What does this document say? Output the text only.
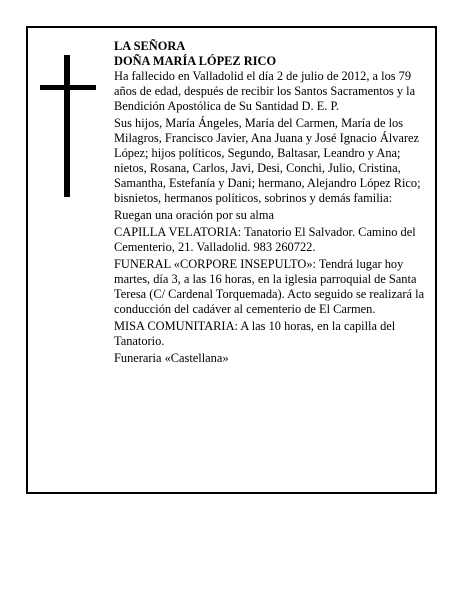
LA SEÑORA

DOÑA MARÍA LÓPEZ RICO

Ha fallecido en Valladolid el día 2 de julio de 2012, a los 79 años de edad, después de recibir los Santos Sacramentos y la Bendición Apostólica de Su Santidad D. E. P.

Sus hijos, María Ángeles, María del Carmen, María de los Milagros, Francisco Javier, Ana Juana y José Ignacio Álvarez López; hijos políticos, Segundo, Baltasar, Leandro y Ana; nietos, Rosana, Carlos, Javi, Desi, Conchi, Julio, Cristina, Samantha, Estefanía y Dani; hermano, Alejandro López Rico; bisnietos, hermanos políticos, sobrinos y demás familia:

Ruegan una oración por su alma

CAPILLA VELATORIA: Tanatorio El Salvador. Camino del Cementerio, 21. Valladolid. 983 260722.

FUNERAL «CORPORE INSEPULTO»: Tendrá lugar hoy martes, día 3, a las 16 horas, en la iglesia parroquial de Santa Teresa (C/ Cardenal Torquemada). Acto seguido se realizará la conducción del cadáver al cementerio de El Carmen.

MISA COMUNITARIA: A las 10 horas, en la capilla del Tanatorio.

Funeraria «Castellana»
